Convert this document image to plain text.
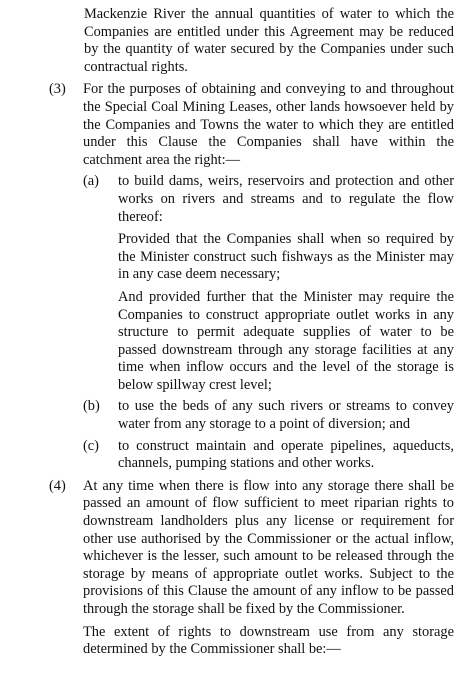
Mackenzie River the annual quantities of water to which the Companies are entitled under this Agreement may be reduced by the quantity of water secured by the Companies under such contractual rights.

(3)	For the purposes of obtaining and conveying to and throughout the Special Coal Mining Leases, other lands howsoever held by the Companies and Towns the water to which they are entitled under this Clause the Companies shall have within the catchment area the right:—

(a)	to build dams, weirs, reservoirs and protection and other works on rivers and streams and to regulate the flow thereof:

Provided that the Companies shall when so required by the Minister construct such fishways as the Minister may in any case deem necessary;

And provided further that the Minister may require the Companies to construct appropriate outlet works in any structure to permit adequate supplies of water to be passed downstream through any storage facilities at any time when inflow occurs and the level of the storage is below spillway crest level;

(b)	to use the beds of any such rivers or streams to convey water from any storage to a point of diversion; and

(c)	to construct maintain and operate pipelines, aqueducts, channels, pumping stations and other works.

(4)	At any time when there is flow into any storage there shall be passed an amount of flow sufficient to meet riparian rights to downstream landholders plus any license or requirement for other use authorised by the Commissioner or the actual inflow, whichever is the lesser, such amount to be released through the storage by means of appropriate outlet works. Subject to the provisions of this Clause the amount of any inflow to be passed through the storage shall be fixed by the Commissioner.

The extent of rights to downstream use from any storage determined by the Commissioner shall be:—
